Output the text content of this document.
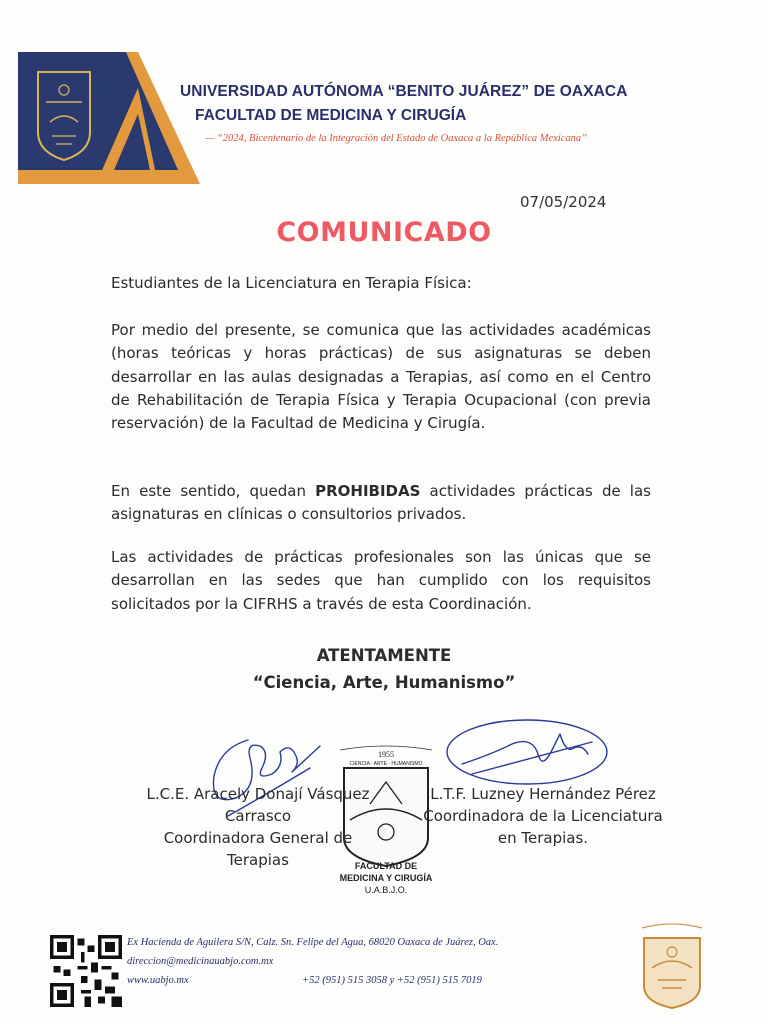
UNIVERSIDAD AUTÓNOMA “BENITO JUÁREZ” DE OAXACA
FACULTAD DE MEDICINA Y CIRUGÍA
— “2024, Bicentenario de la Integración del Estado de Oaxaca a la República Mexicana”
07/05/2024
COMUNICADO
Estudiantes de la Licenciatura en Terapia Física:
Por medio del presente, se comunica que las actividades académicas (horas teóricas y horas prácticas) de sus asignaturas se deben desarrollar en las aulas designadas a Terapias, así como en el Centro de Rehabilitación de Terapia Física y Terapia Ocupacional (con previa reservación) de la Facultad de Medicina y Cirugía.
En este sentido, quedan PROHIBIDAS actividades prácticas de las asignaturas en clínicas o consultorios privados.
Las actividades de prácticas profesionales son las únicas que se desarrollan en las sedes que han cumplido con los requisitos solicitados por la CIFRHS a través de esta Coordinación.
ATENTAMENTE
“Ciencia, Arte, Humanismo”
1955
CIENCIA · ARTE · HUMANISMO
FACULTAD DE
MEDICINA Y CIRUGÍA
U.A.B.J.O.
L.C.E. Aracely Donají Vásquez
Carrasco
Coordinadora General de
Terapias
L.T.F. Luzney Hernández Pérez
Coordinadora de la Licenciatura
en Terapias.
Ex Hacienda de Aguilera S/N, Calz. Sn. Felipe del Agua, 68020 Oaxaca de Juárez, Oax.
direccion@medicinauabjo.com.mx
www.uabjo.mx	+52 (951) 515 3058 y +52 (951) 515 7019
